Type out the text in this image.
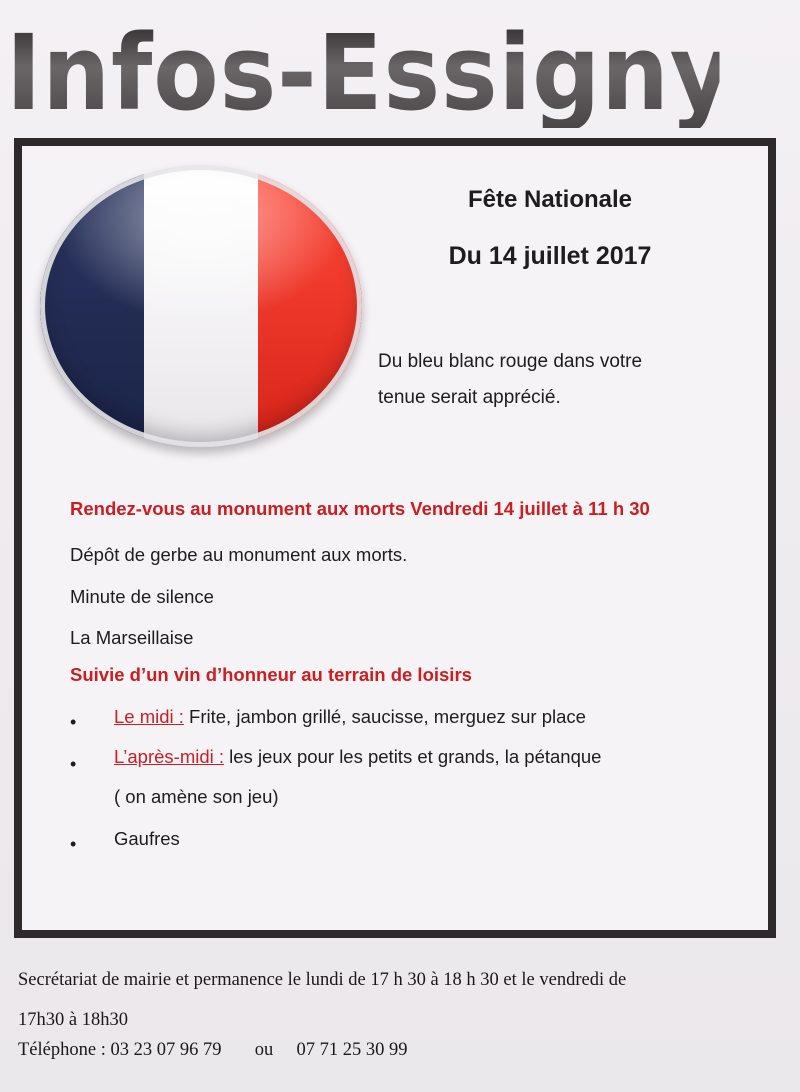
Infos-Essigny
Fête Nationale
Du 14 juillet 2017
Du bleu blanc rouge dans votre
tenue serait apprécié.
Rendez-vous au monument aux morts Vendredi 14 juillet à 11 h 30
Dépôt de gerbe au monument aux morts.
Minute de silence
La Marseillaise
Suivie d’un vin d’honneur au terrain de loisirs
• Le midi : Frite, jambon grillé, saucisse, merguez sur place
• L’après-midi : les jeux pour les petits et grands, la pétanque
( on amène son jeu)
• Gaufres
Secrétariat de mairie et permanence le lundi de 17 h 30 à 18 h 30 et le vendredi de
17h30 à 18h30
Téléphone : 03 23 07 96 79 ou 07 71 25 30 99
